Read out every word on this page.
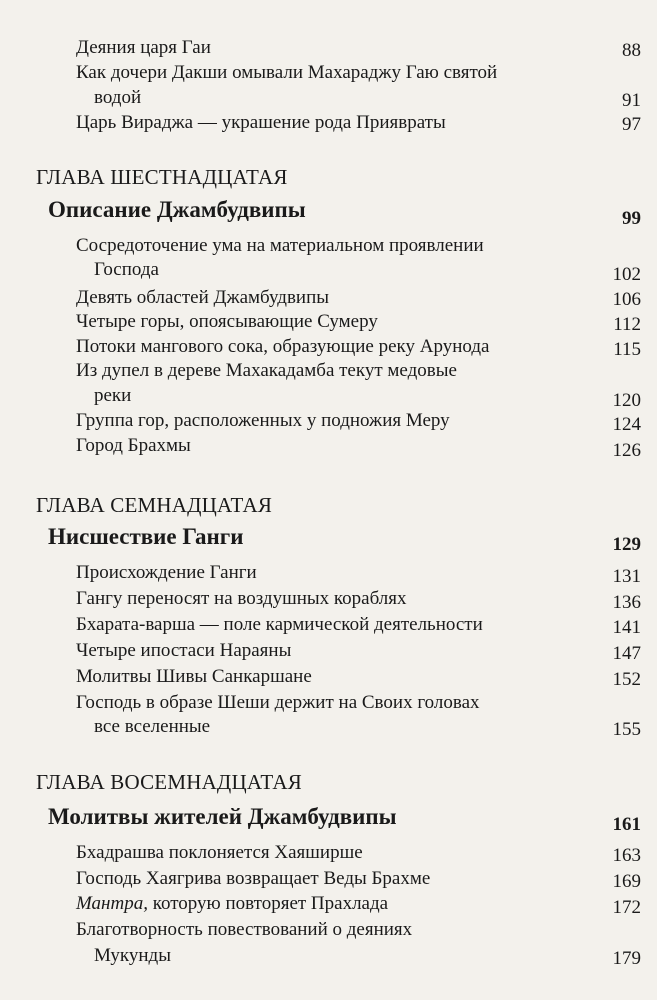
Деяния царя Гаи	88
Как дочери Дакши омывали Махараджу Гаю святой
водой	91
Царь Вираджа — украшение рода Приявраты	97
ГЛАВА ШЕСТНАДЦАТАЯ
Описание Джамбудвипы	99
Сосредоточение ума на материальном проявлении
Господа	102
Девять областей Джамбудвипы	106
Четыре горы, опоясывающие Сумеру	112
Потоки мангового сока, образующие реку Арунода	115
Из дупел в дереве Махакадамба текут медовые
реки	120
Группа гор, расположенных у подножия Меру	124
Город Брахмы	126
ГЛАВА СЕМНАДЦАТАЯ
Нисшествие Ганги	129
Происхождение Ганги	131
Гангу переносят на воздушных кораблях	136
Бхарата-варша — поле кармической деятельности	141
Четыре ипостаси Нараяны	147
Молитвы Шивы Санкаршане	152
Господь в образе Шеши держит на Своих головах
все вселенные	155
ГЛАВА ВОСЕМНАДЦАТАЯ
Молитвы жителей Джамбудвипы	161
Бхадрашва поклоняется Хаяширше	163
Господь Хаягрива возвращает Веды Брахме	169
Мантра, которую повторяет Прахлада	172
Благотворность повествований о деяниях
Мукунды	179
